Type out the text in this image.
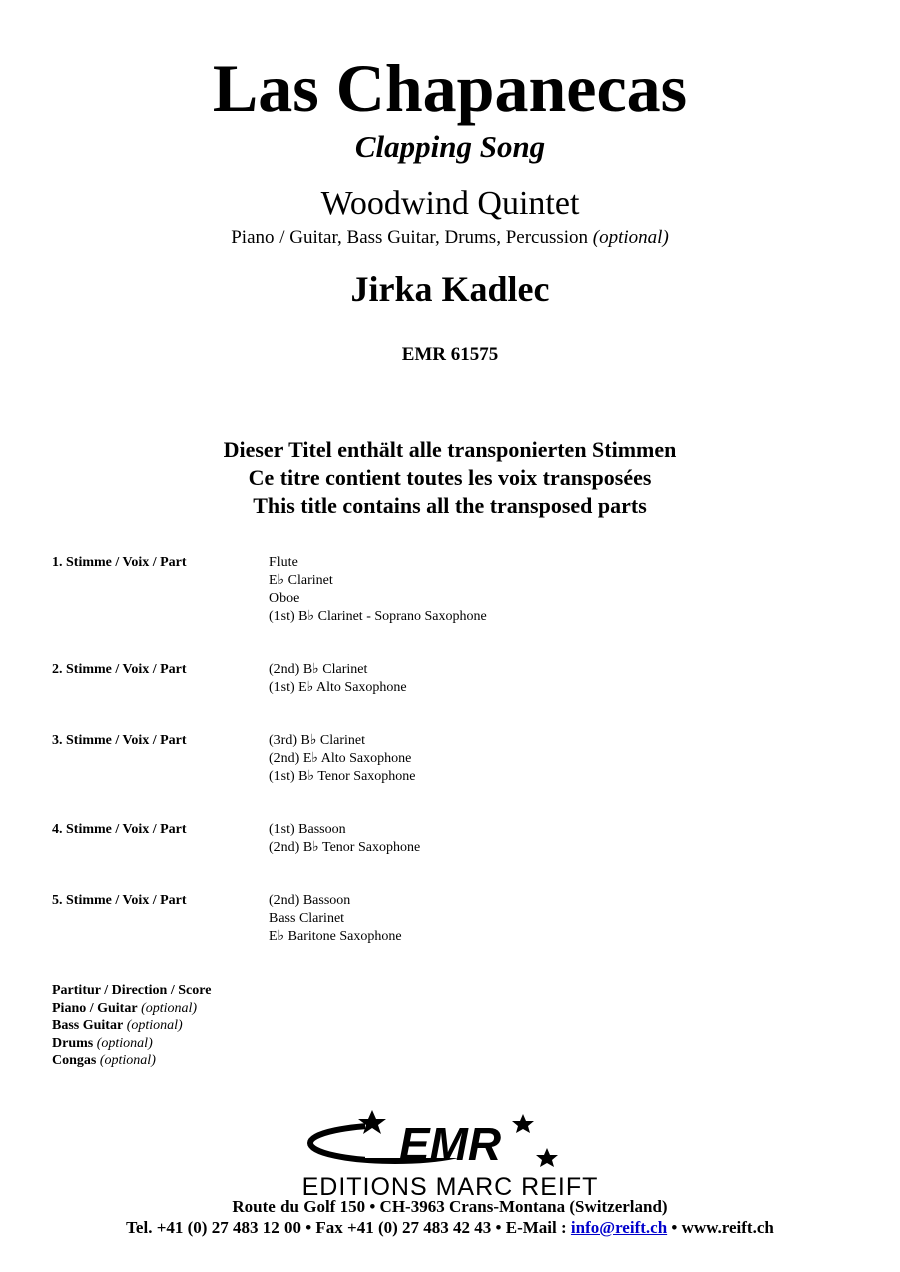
Las Chapanecas
Clapping Song
Woodwind Quintet
Piano / Guitar, Bass Guitar, Drums, Percussion (optional)
Jirka Kadlec
EMR 61575
Dieser Titel enthält alle transponierten Stimmen
Ce titre contient toutes les voix transposées
This title contains all the transposed parts
1. Stimme / Voix / Part	Flute
E♭ Clarinet
Oboe
(1st) B♭ Clarinet - Soprano Saxophone
2. Stimme / Voix / Part	(2nd) B♭ Clarinet
(1st) E♭ Alto Saxophone
3. Stimme / Voix / Part	(3rd) B♭ Clarinet
(2nd) E♭ Alto Saxophone
(1st) B♭ Tenor Saxophone
4. Stimme / Voix / Part	(1st) Bassoon
(2nd) B♭ Tenor Saxophone
5. Stimme / Voix / Part	(2nd) Bassoon
Bass Clarinet
E♭ Baritone Saxophone
Partitur / Direction / Score
Piano / Guitar (optional)
Bass Guitar (optional)
Drums (optional)
Congas (optional)
EMR
EDITIONS MARC REIFT
Route du Golf 150 • CH-3963 Crans-Montana (Switzerland)
Tel. +41 (0) 27 483 12 00 • Fax +41 (0) 27 483 42 43 • E-Mail : info@reift.ch • www.reift.ch
